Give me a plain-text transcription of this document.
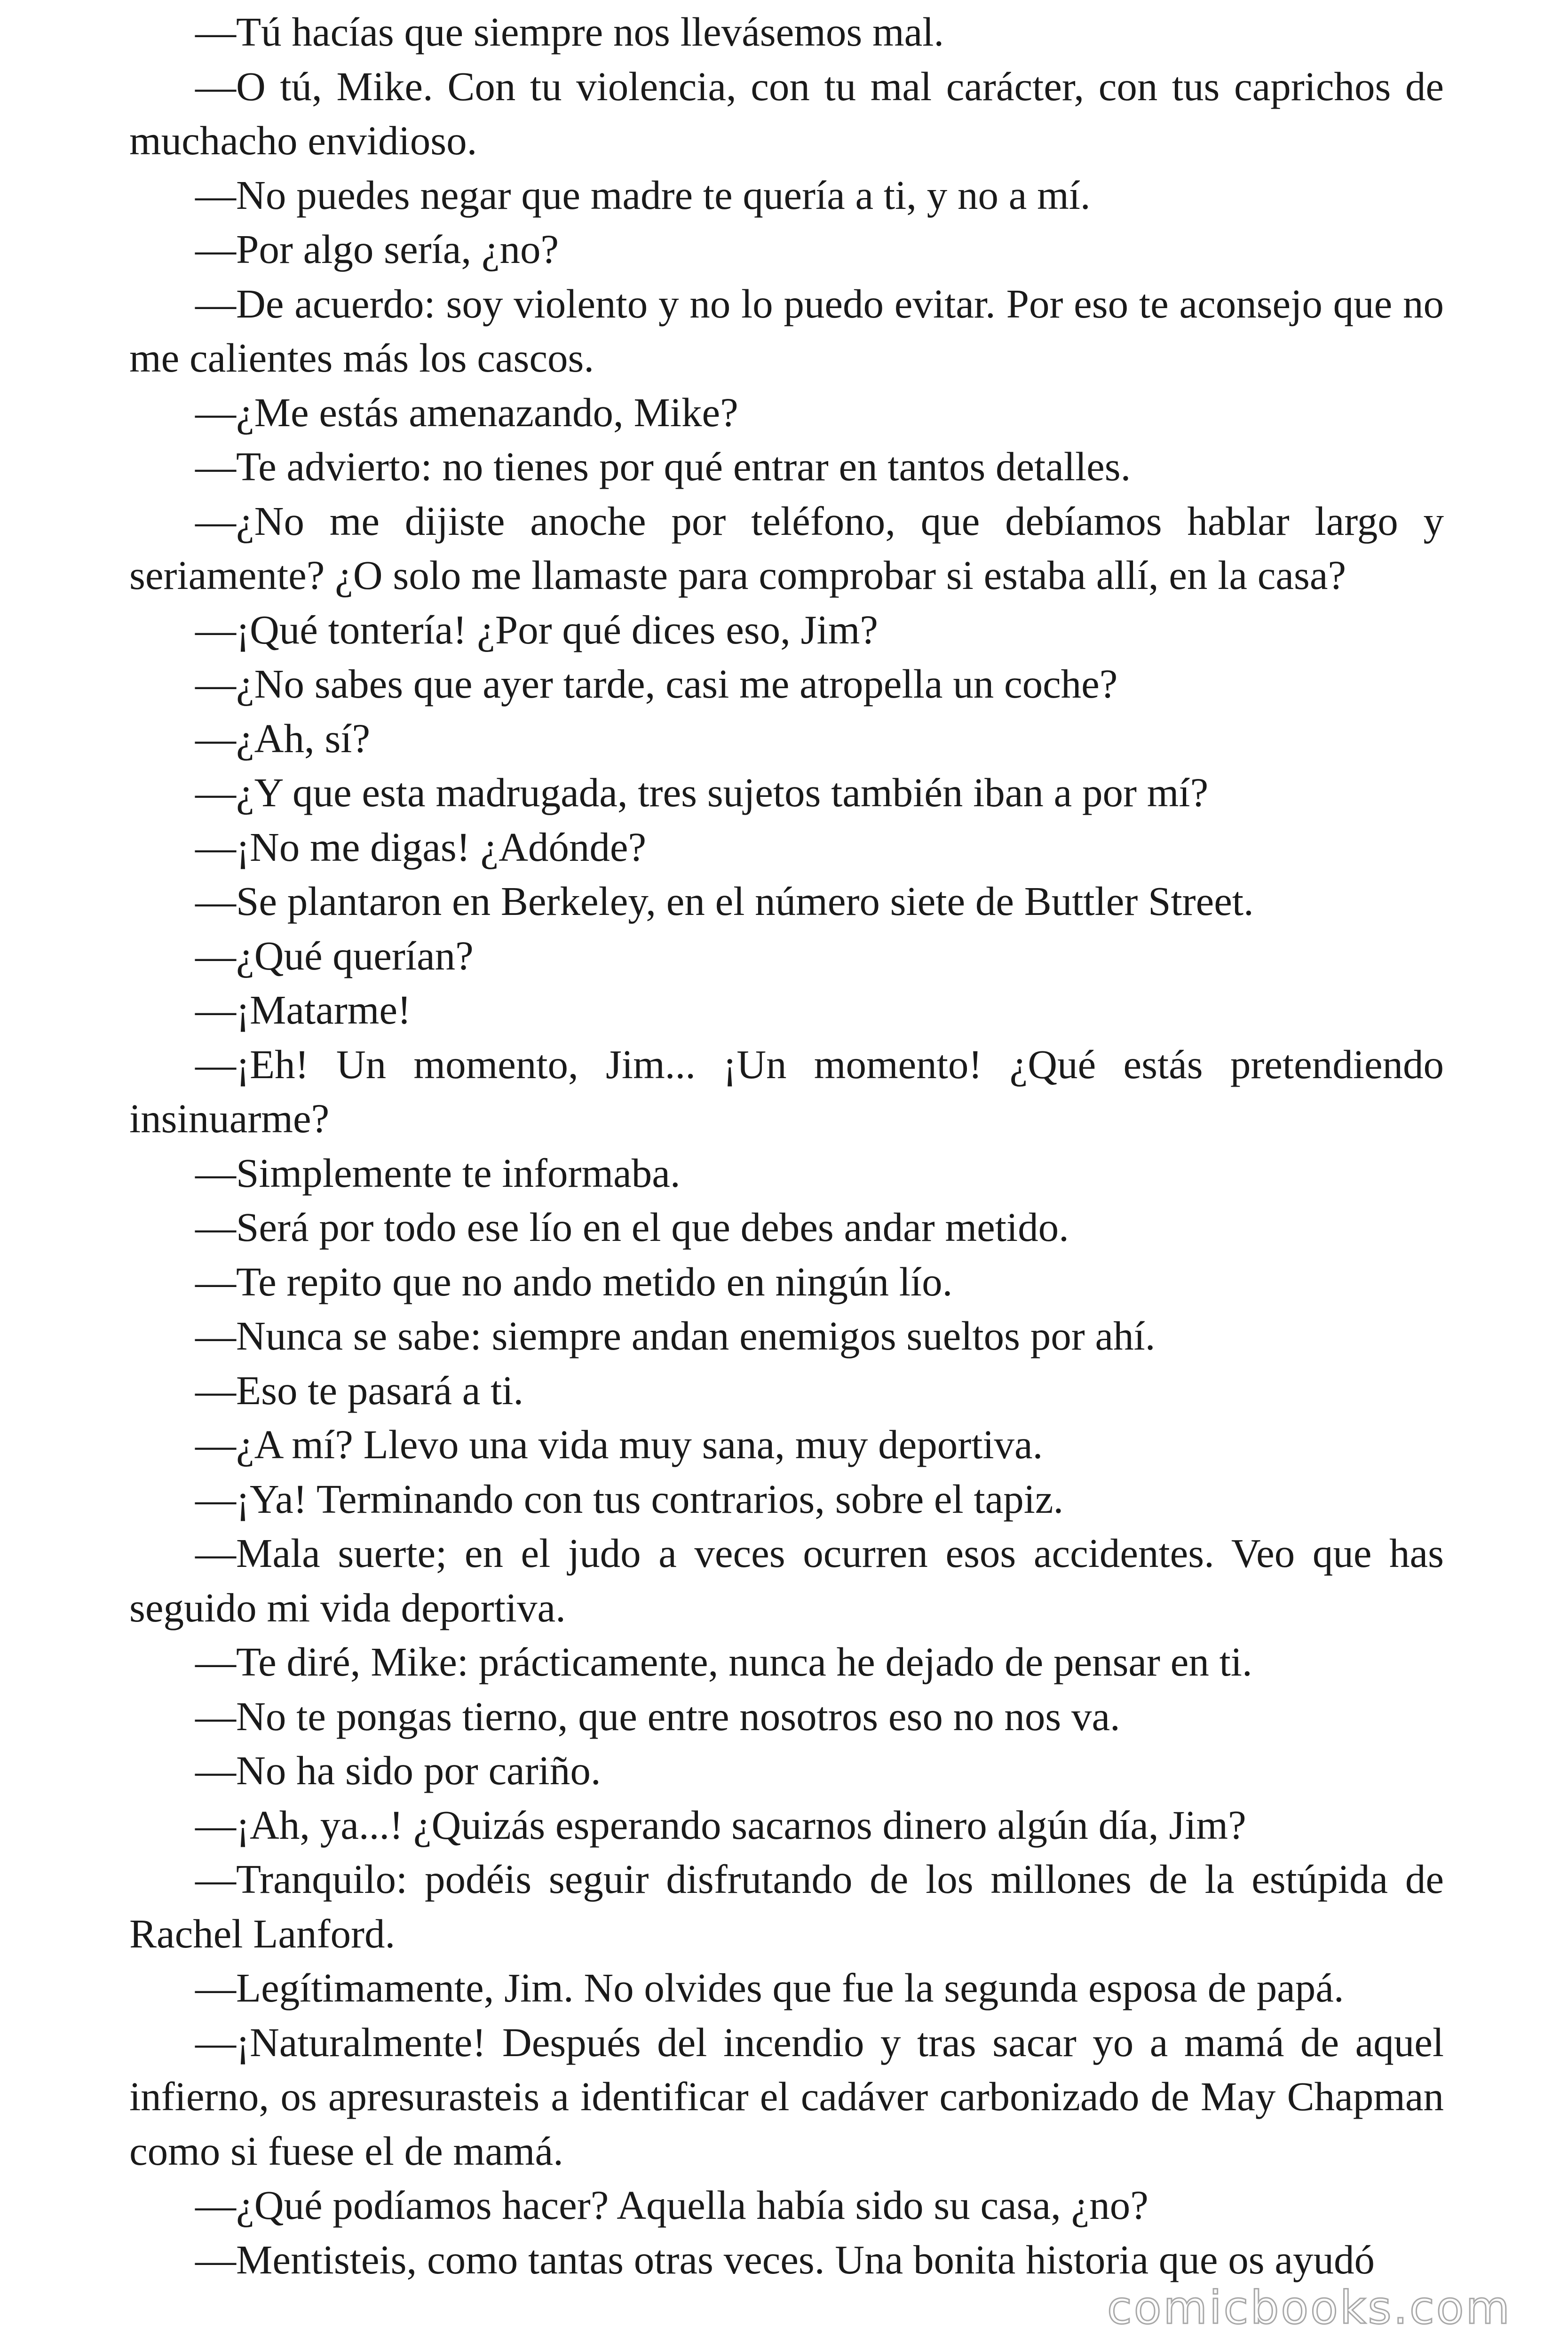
—Tú hacías que siempre nos llevásemos mal.

—O tú, Mike. Con tu violencia, con tu mal carácter, con tus caprichos de muchacho envidioso.

—No puedes negar que madre te quería a ti, y no a mí.

—Por algo sería, ¿no?

—De acuerdo: soy violento y no lo puedo evitar. Por eso te aconsejo que no me calientes más los cascos.

—¿Me estás amenazando, Mike?

—Te advierto: no tienes por qué entrar en tantos detalles.

—¿No me dijiste anoche por teléfono, que debíamos hablar largo y seriamente? ¿O solo me llamaste para comprobar si estaba allí, en la casa?

—¡Qué tontería! ¿Por qué dices eso, Jim?

—¿No sabes que ayer tarde, casi me atropella un coche?

—¿Ah, sí?

—¿Y que esta madrugada, tres sujetos también iban a por mí?

—¡No me digas! ¿Adónde?

—Se plantaron en Berkeley, en el número siete de Buttler Street.

—¿Qué querían?

—¡Matarme!

—¡Eh! Un momento, Jim... ¡Un momento! ¿Qué estás pretendiendo insinuarme?

—Simplemente te informaba.

—Será por todo ese lío en el que debes andar metido.

—Te repito que no ando metido en ningún lío.

—Nunca se sabe: siempre andan enemigos sueltos por ahí.

—Eso te pasará a ti.

—¿A mí? Llevo una vida muy sana, muy deportiva.

—¡Ya! Terminando con tus contrarios, sobre el tapiz.

—Mala suerte; en el judo a veces ocurren esos accidentes. Veo que has seguido mi vida deportiva.

—Te diré, Mike: prácticamente, nunca he dejado de pensar en ti.

—No te pongas tierno, que entre nosotros eso no nos va.

—No ha sido por cariño.

—¡Ah, ya...! ¿Quizás esperando sacarnos dinero algún día, Jim?

—Tranquilo: podéis seguir disfrutando de los millones de la estúpida de Rachel Lanford.

—Legítimamente, Jim. No olvides que fue la segunda esposa de papá.

—¡Naturalmente! Después del incendio y tras sacar yo a mamá de aquel infierno, os apresurasteis a identificar el cadáver carbonizado de May Chapman como si fuese el de mamá.

—¿Qué podíamos hacer? Aquella había sido su casa, ¿no?

—Mentisteis, como tantas otras veces. Una bonita historia que os ayudó

comicbooks.com
